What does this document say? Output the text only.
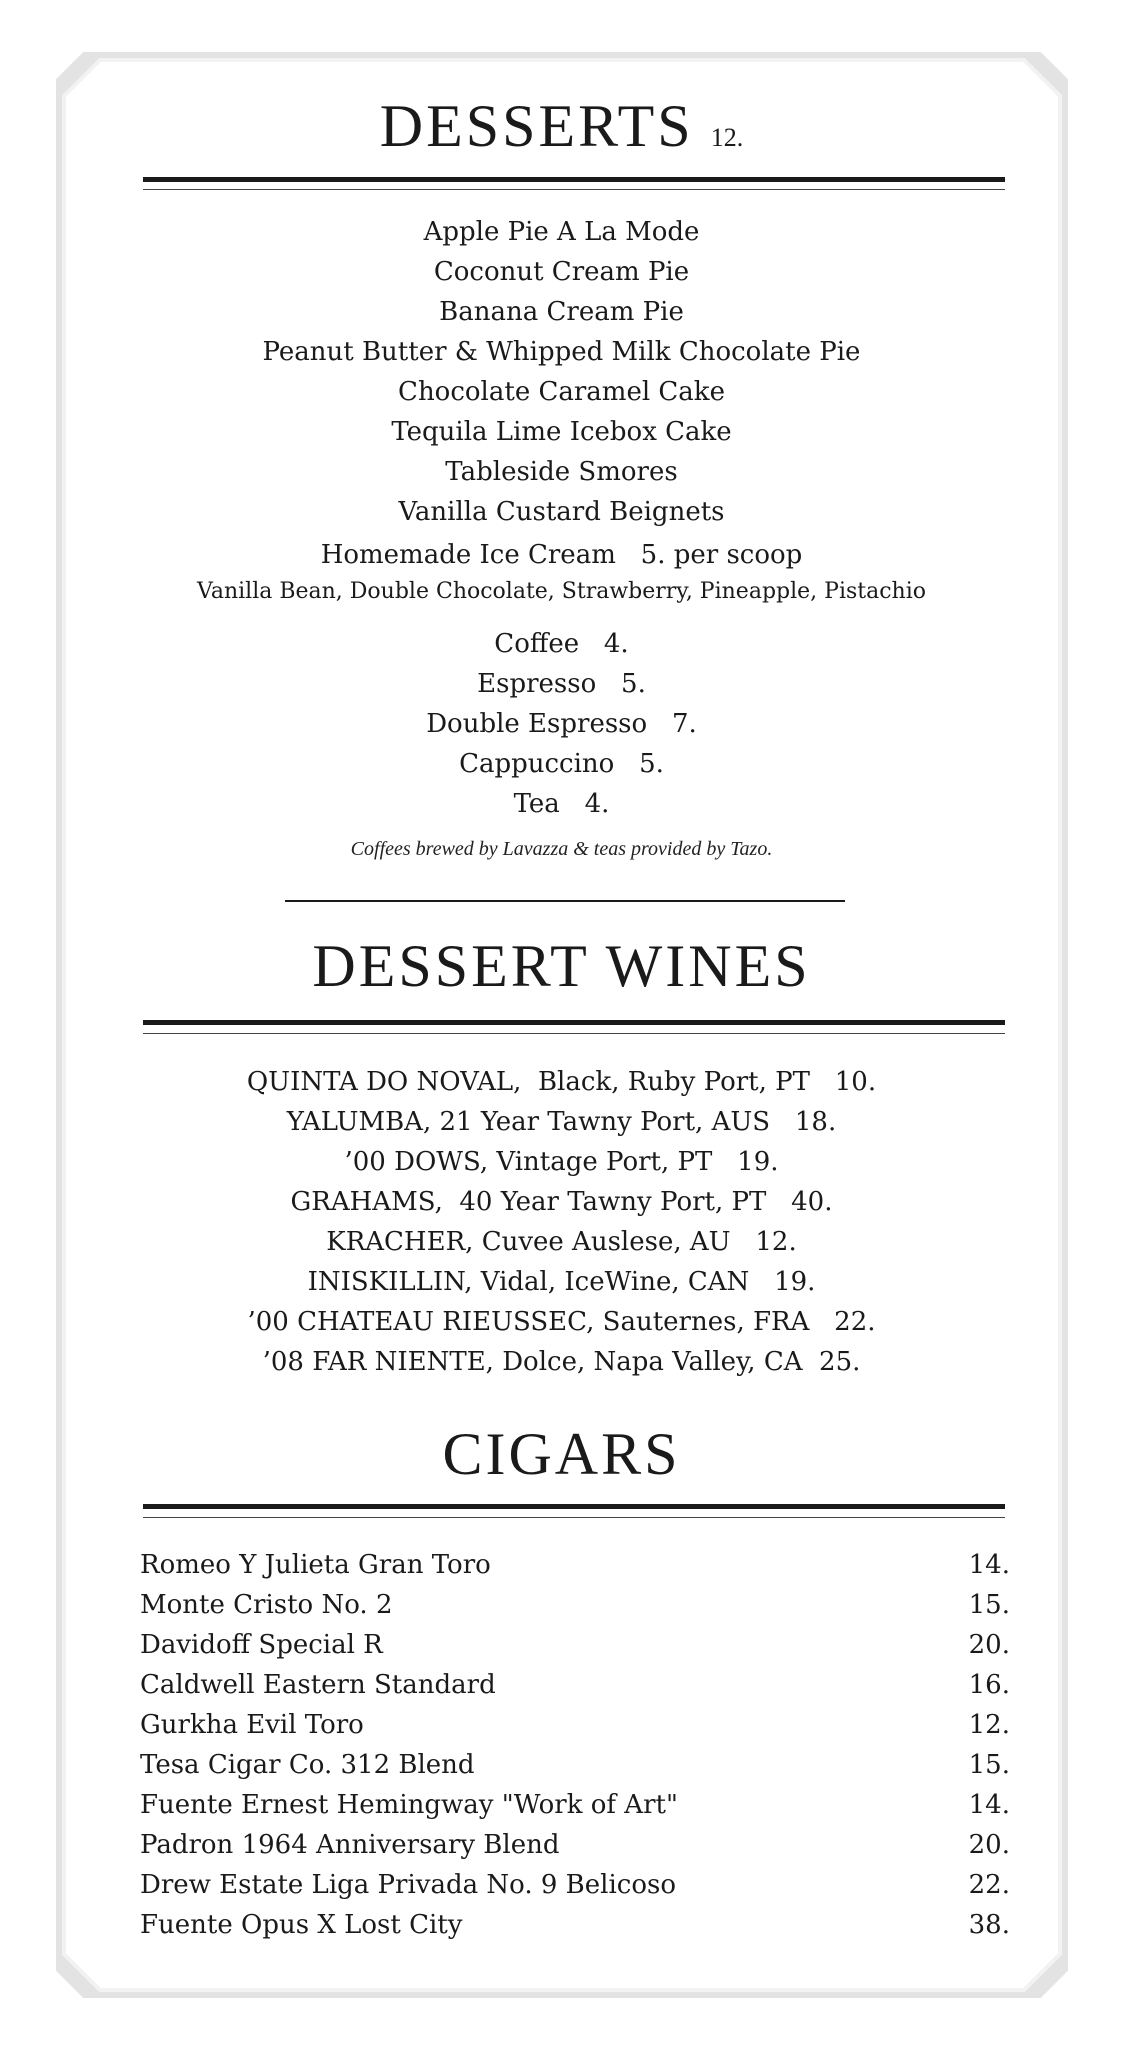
DESSERTS 12.
Apple Pie A La Mode
Coconut Cream Pie
Banana Cream Pie
Peanut Butter & Whipped Milk Chocolate Pie
Chocolate Caramel Cake
Tequila Lime Icebox Cake
Tableside Smores
Vanilla Custard Beignets
Homemade Ice Cream   5. per scoop
Vanilla Bean, Double Chocolate, Strawberry, Pineapple, Pistachio
Coffee   4.
Espresso   5.
Double Espresso   7.
Cappuccino   5.
Tea   4.
Coffees brewed by Lavazza & teas provided by Tazo.
DESSERT WINES
QUINTA DO NOVAL,  Black, Ruby Port, PT   10.
YALUMBA, 21 Year Tawny Port, AUS   18.
’00 DOWS, Vintage Port, PT   19.
GRAHAMS,  40 Year Tawny Port, PT   40.
KRACHER, Cuvee Auslese, AU   12.
INISKILLIN, Vidal, IceWine, CAN   19.
’00 CHATEAU RIEUSSEC, Sauternes, FRA   22.
’08 FAR NIENTE, Dolce, Napa Valley, CA  25.
CIGARS
Romeo Y Julieta Gran Toro	14.
Monte Cristo No. 2	15.
Davidoff Special R	20.
Caldwell Eastern Standard	16.
Gurkha Evil Toro	12.
Tesa Cigar Co. 312 Blend	15.
Fuente Ernest Hemingway "Work of Art"	14.
Padron 1964 Anniversary Blend	20.
Drew Estate Liga Privada No. 9 Belicoso	22.
Fuente Opus X Lost City	38.
